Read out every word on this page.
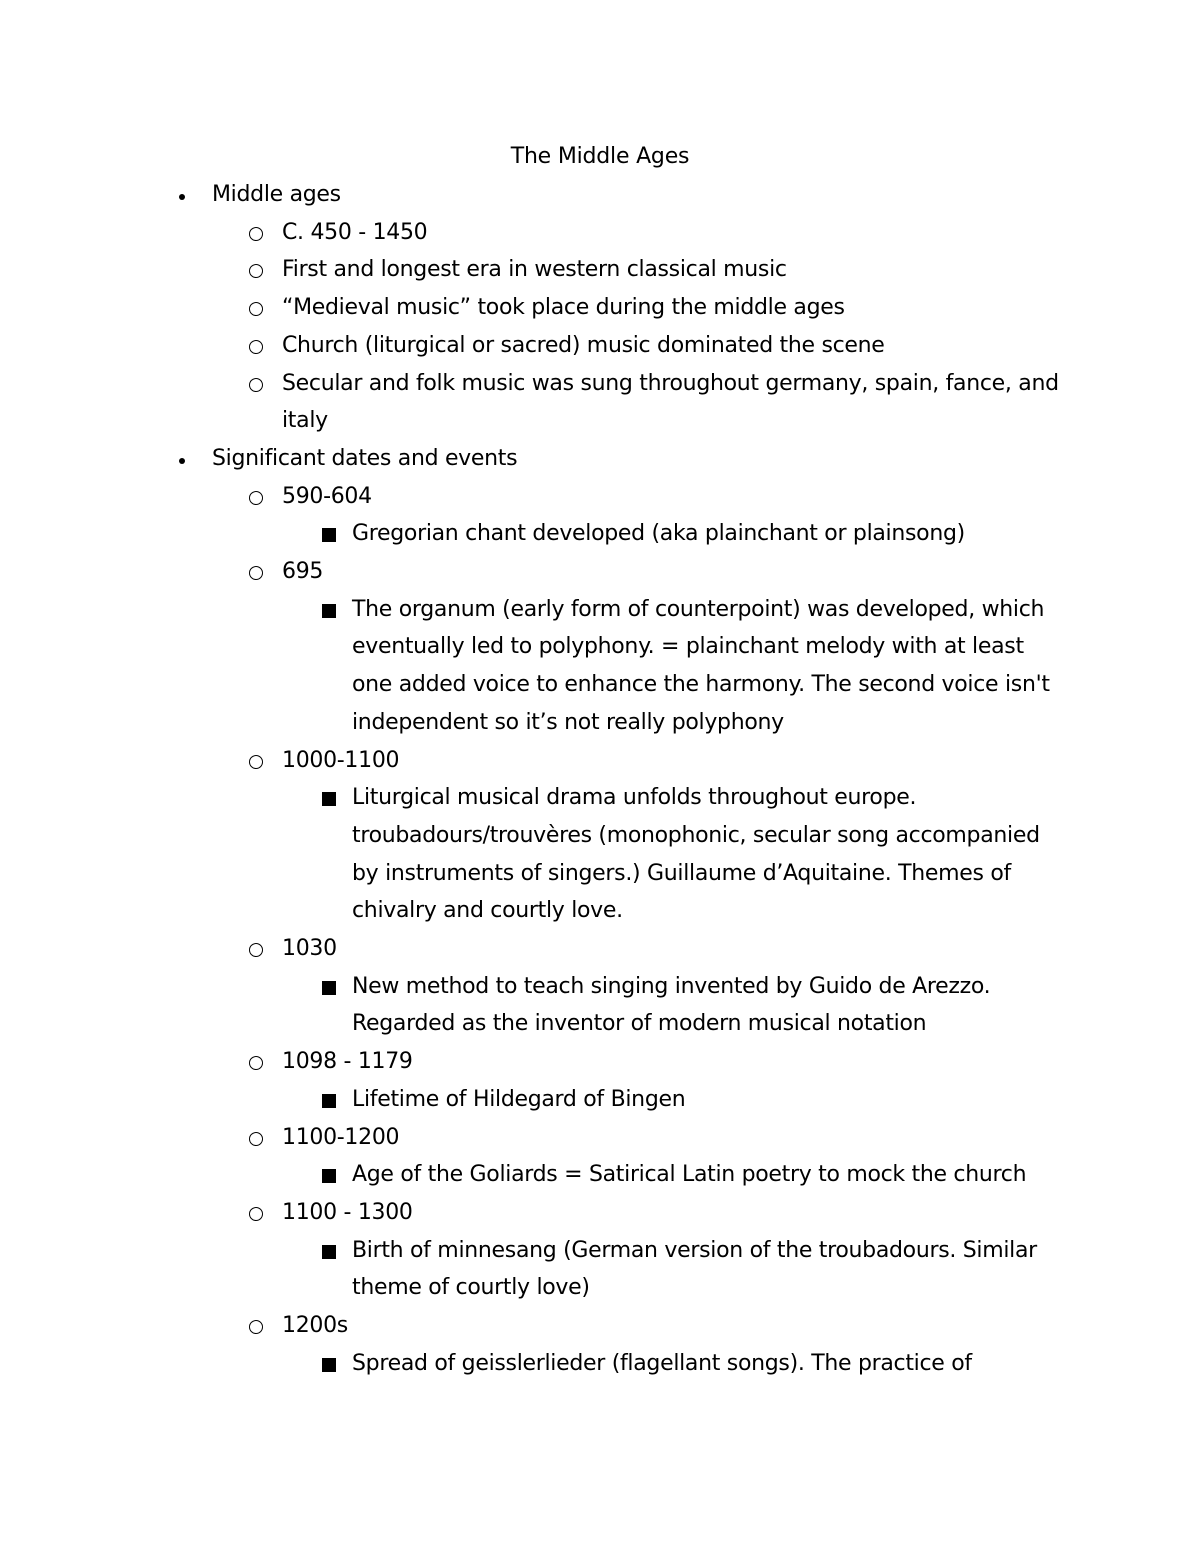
The Middle Ages
Middle ages
C. 450 - 1450
First and longest era in western classical music
“Medieval music” took place during the middle ages
Church (liturgical or sacred) music dominated the scene
Secular and folk music was sung throughout germany, spain, fance, and italy
Significant dates and events
590-604
Gregorian chant developed (aka plainchant or plainsong)
695
The organum (early form of counterpoint) was developed, which eventually led to polyphony. = plainchant melody with at least one added voice to enhance the harmony. The second voice isn't independent so it’s not really polyphony
1000-1100
Liturgical musical drama unfolds throughout europe. troubadours/trouvères (monophonic, secular song accompanied by instruments of singers.) Guillaume d’Aquitaine. Themes of chivalry and courtly love.
1030
New method to teach singing invented by Guido de Arezzo. Regarded as the inventor of modern musical notation
1098 - 1179
Lifetime of Hildegard of Bingen
1100-1200
Age of the Goliards = Satirical Latin poetry to mock the church
1100 - 1300
Birth of minnesang (German version of the troubadours. Similar theme of courtly love)
1200s
Spread of geisslerlieder (flagellant songs). The practice of
